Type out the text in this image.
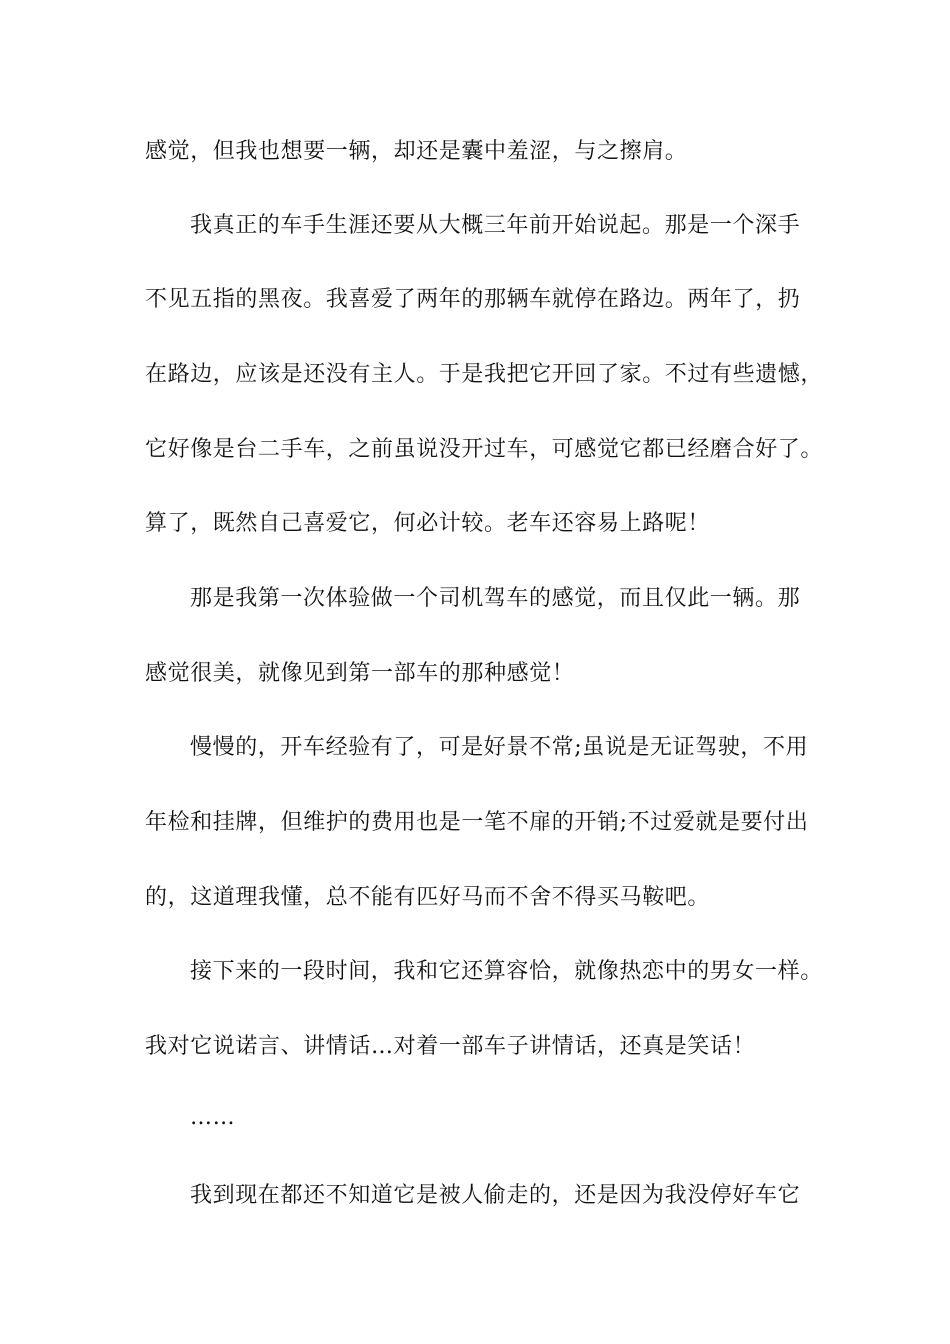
感觉，但我也想要一辆，却还是囊中羞涩，与之擦肩。

我真正的车手生涯还要从大概三年前开始说起。那是一个深手

不见五指的黑夜。我喜爱了两年的那辆车就停在路边。两年了，扔

在路边，应该是还没有主人。于是我把它开回了家。不过有些遗憾，

它好像是台二手车，之前虽说没开过车，可感觉它都已经磨合好了。

算了，既然自己喜爱它，何必计较。老车还容易上路呢！

那是我第一次体验做一个司机驾车的感觉，而且仅此一辆。那

感觉很美，就像见到第一部车的那种感觉！

慢慢的，开车经验有了，可是好景不常;虽说是无证驾驶，不用

年检和挂牌，但维护的费用也是一笔不扉的开销;不过爱就是要付出

的，这道理我懂，总不能有匹好马而不舍不得买马鞍吧。

接下来的一段时间，我和它还算容恰，就像热恋中的男女一样。

我对它说诺言、讲情话…对着一部车子讲情话，还真是笑话！

……

我到现在都还不知道它是被人偷走的，还是因为我没停好车它
